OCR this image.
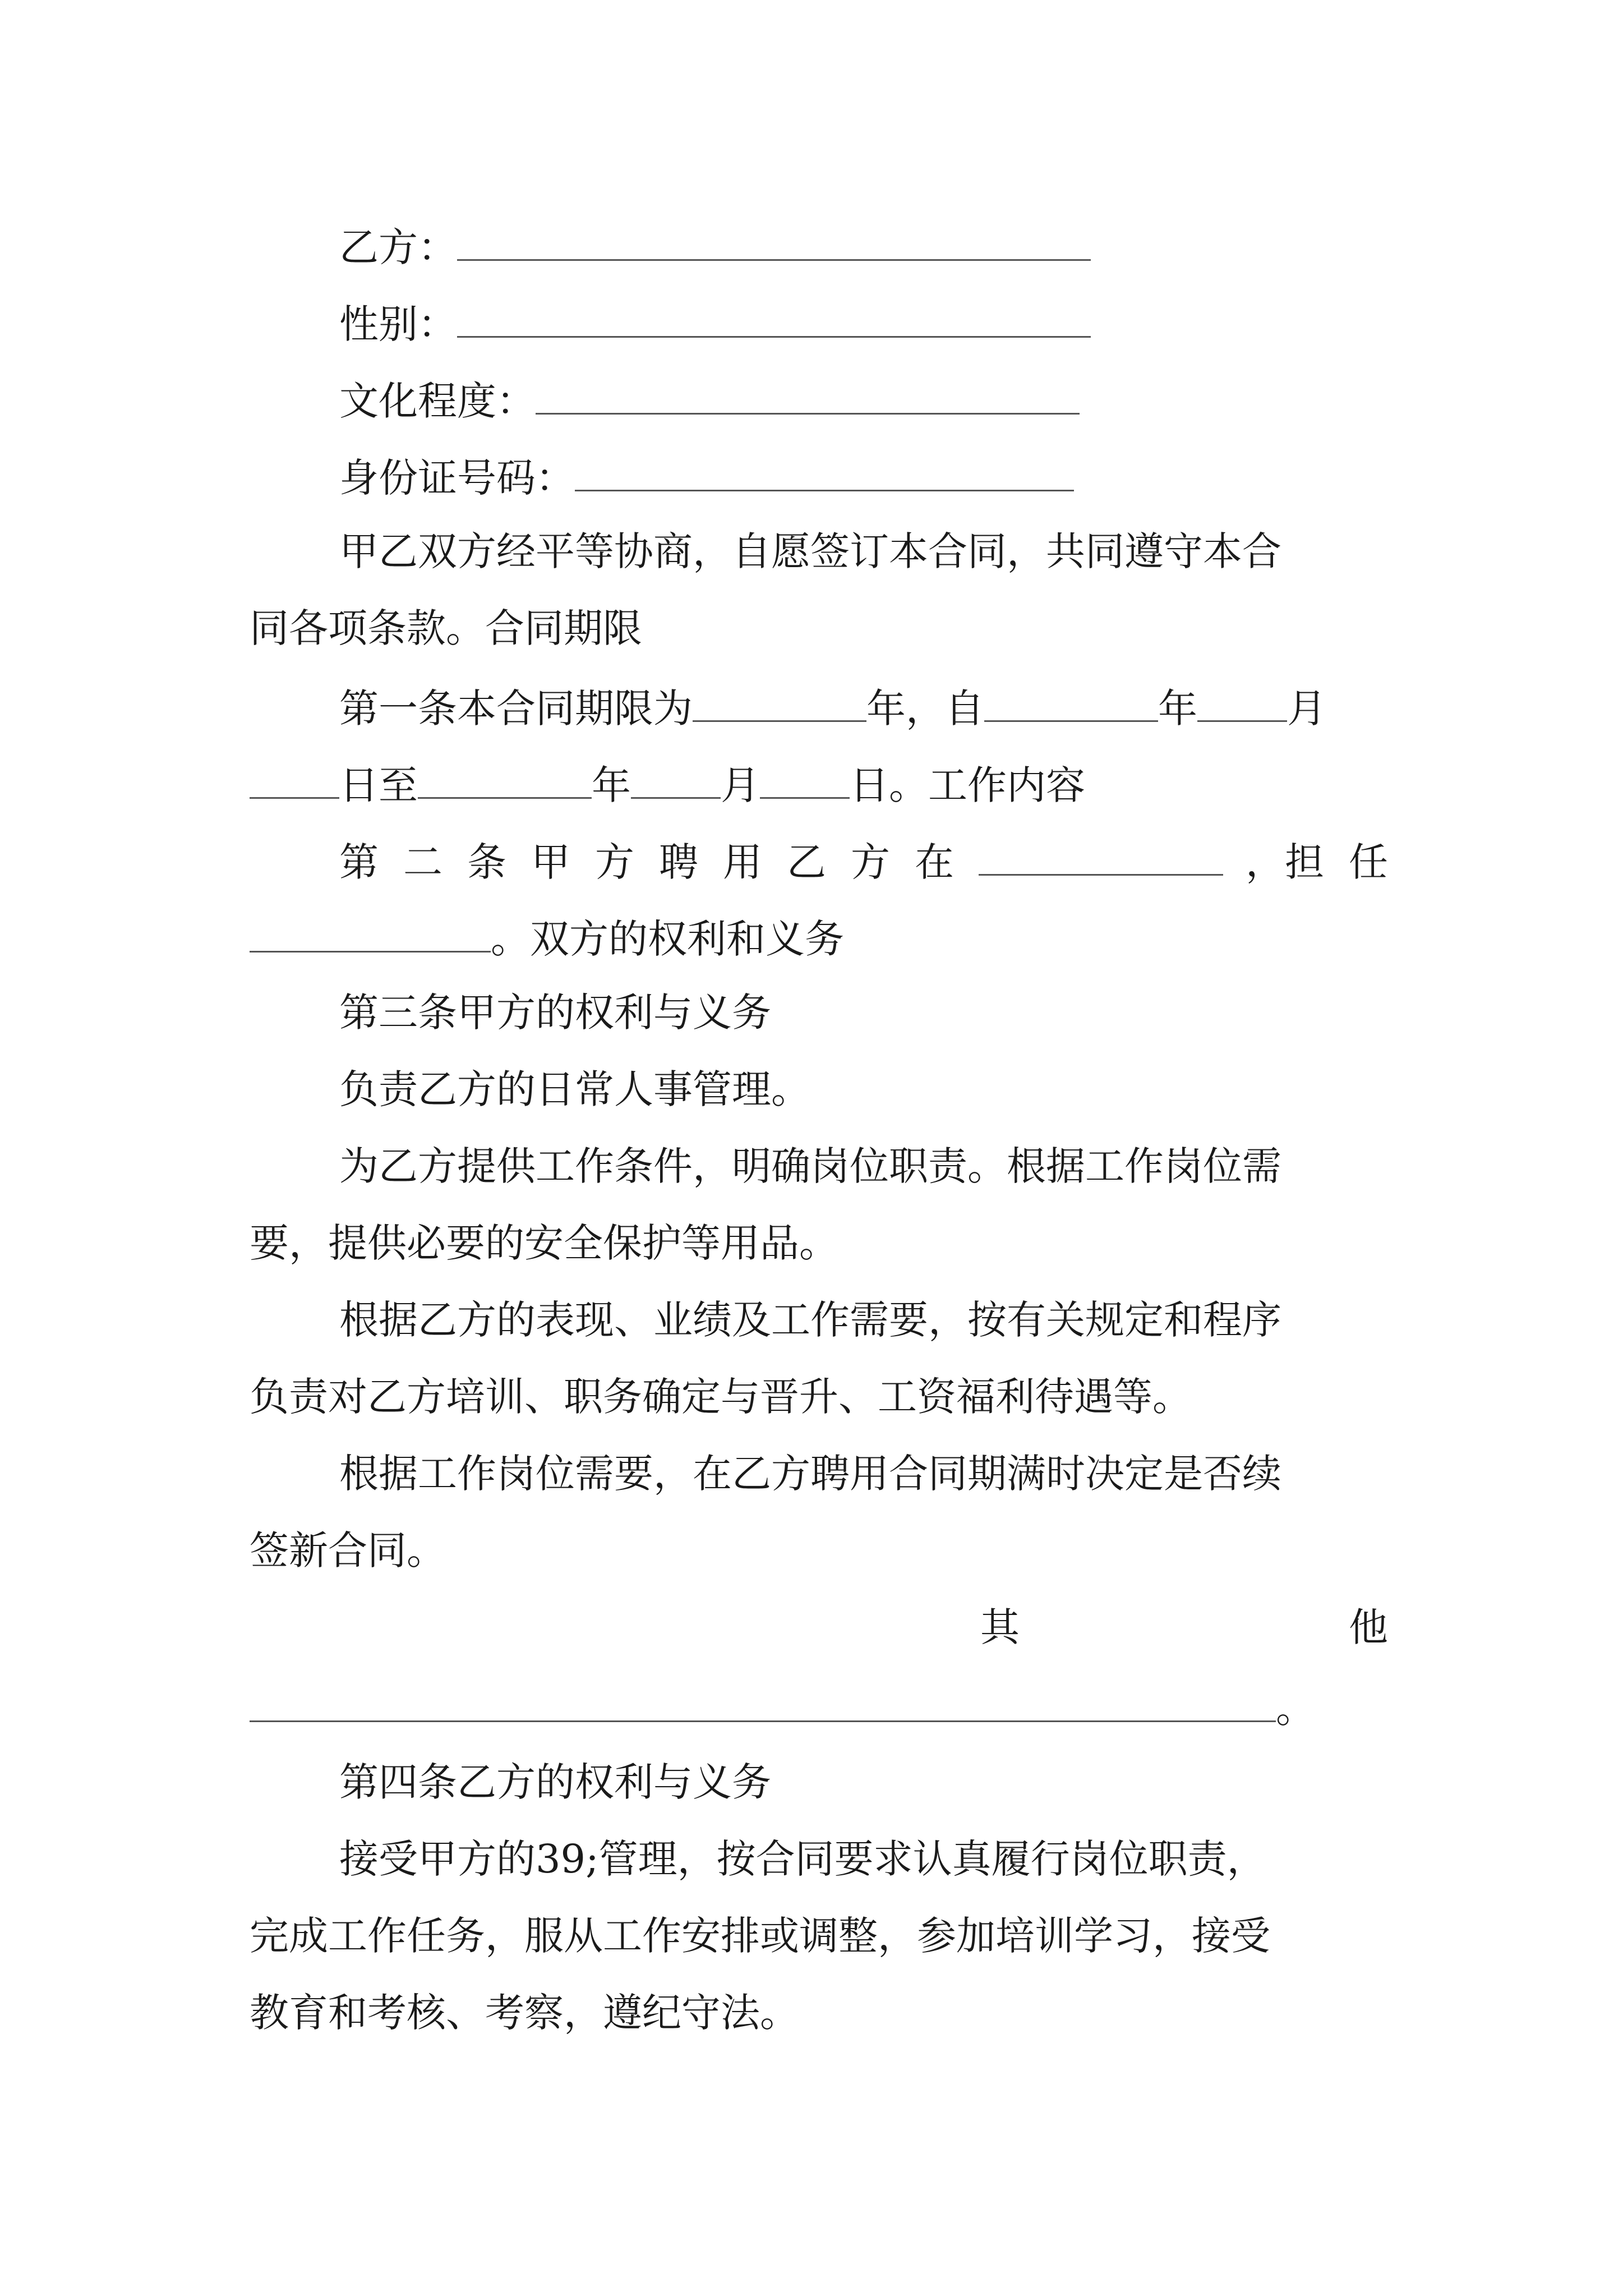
乙方：
性别：
文化程度：
身份证号码：
甲乙双方经平等协商，自愿签订本合同，共同遵守本合
同各项条款。合同期限
第一条本合同期限为	年，自	年 月
日至	年 月 日。工作内容
第二条甲方聘用乙方在	， 担任
。双方的权利和义务
第三条甲方的权利与义务
负责乙方的日常人事管理。
为乙方提供工作条件，明确岗位职责。根据工作岗位需
要，提供必要的安全保护等用品。
根据乙方的表现、业绩及工作需要，按有关规定和程序
负责对乙方培训、职务确定与晋升、工资福利待遇等。
根据工作岗位需要，在乙方聘用合同期满时决定是否续
签新合同。
其	他
。
第四条乙方的权利与义务
接受甲方的39;管理，按合同要求认真履行岗位职责，
完成工作任务，服从工作安排或调整，参加培训学习，接受
教育和考核、考察，遵纪守法。
